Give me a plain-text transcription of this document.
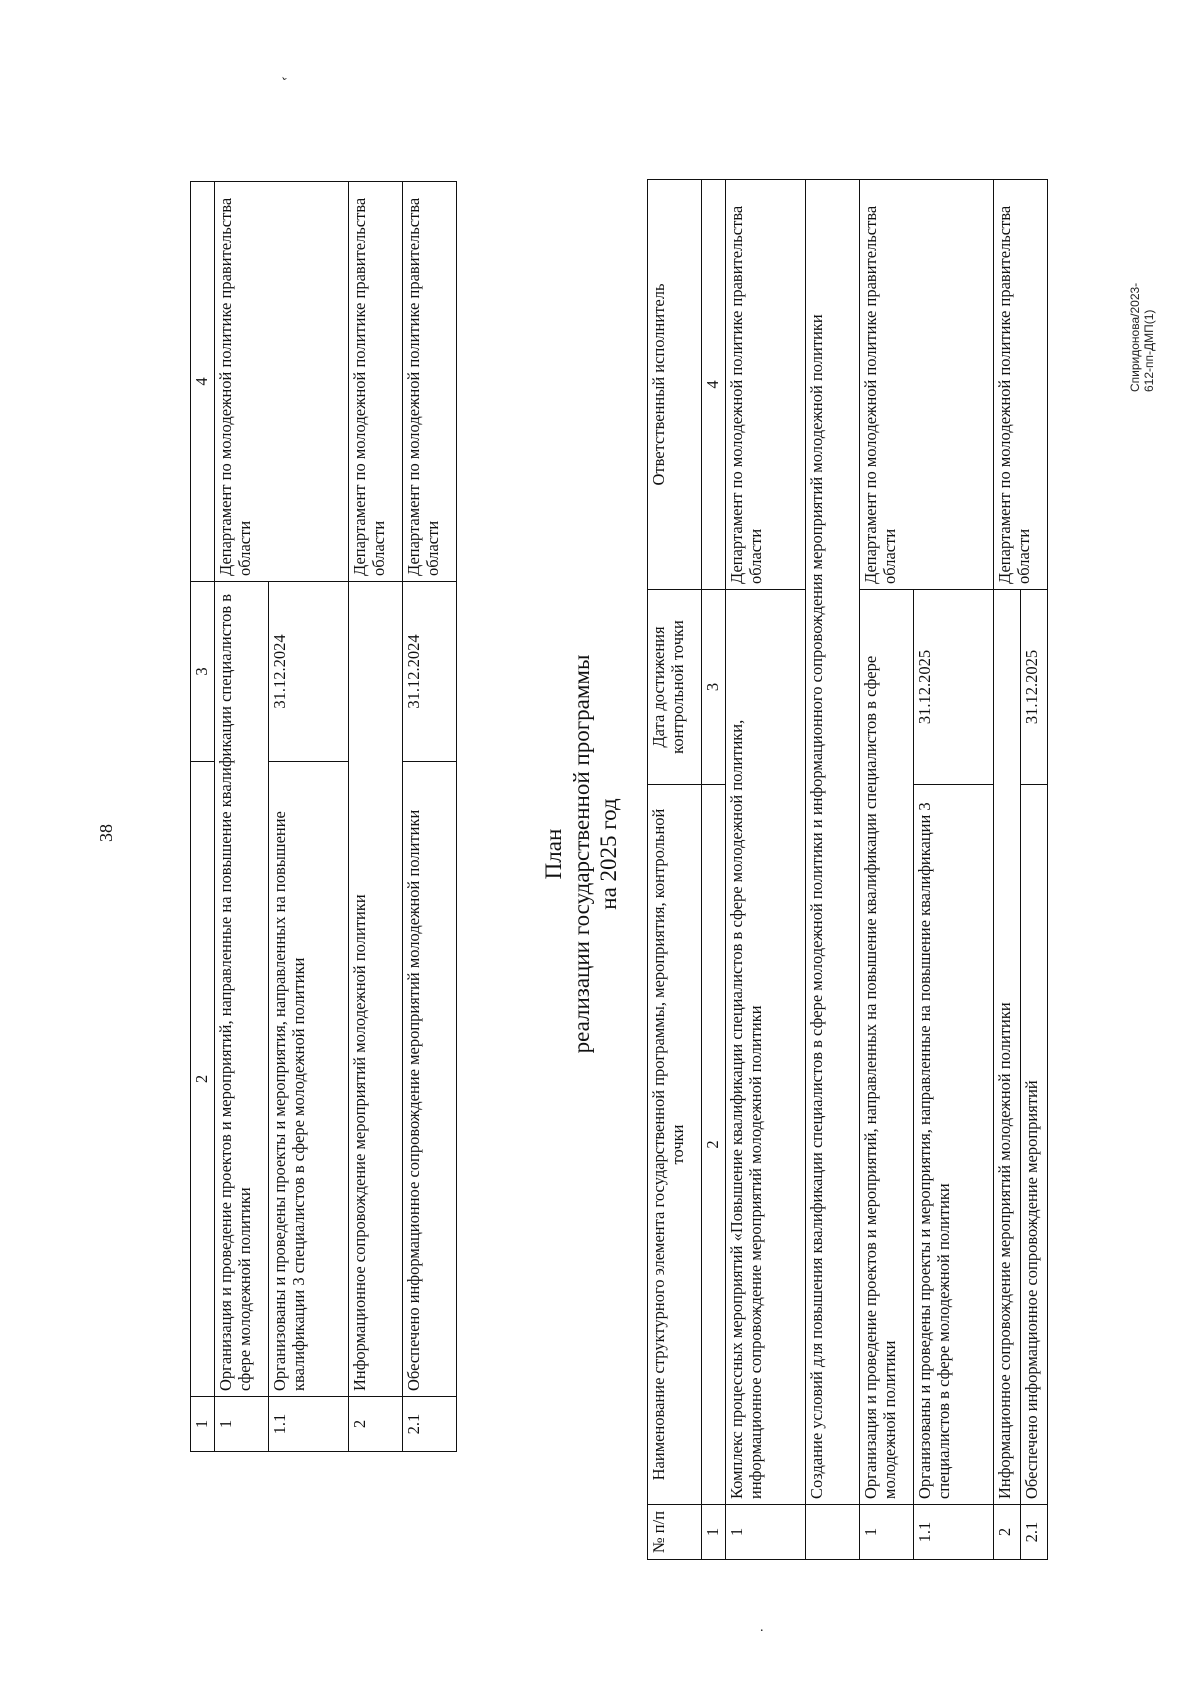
ˇ
38
Спиридонова/2023-612-пп-ДМП(1)
.
1	2	3	4
1	Организация и проведение проектов и мероприятий, направленные на повышение квалификации специалистов в сфере молодежной политики		Департамент по молодежной политике правительства области
1.1	Организованы и проведены проекты и мероприятия, направленных на повышение квалификации 3 специалистов в сфере молодежной политики	31.12.2024	
2	Информационное сопровождение мероприятий молодежной политики		Департамент по молодежной политике правительства области
2.1	Обеспечено информационное сопровождение мероприятий молодежной политики	31.12.2024	Департамент по молодежной политике правительства области
План реализации государственной программы на 2025 год
№ п/п	Наименование структурного элемента государственной программы, мероприятия, контрольной точки	Дата достижения контрольной точки	Ответственный исполнитель
1	2	3	4
1	Комплекс процессных мероприятий «Повышение квалификации специалистов в сфере молодежной политики, информационное сопровождение мероприятий молодежной политики		Департамент по молодежной политике правительства области
	Создание условий для повышения квалификации специалистов в сфере молодежной политики и информационного сопровождения мероприятий молодежной политики		
1	Организация и проведение проектов и мероприятий, направленных на повышение квалификации специалистов в сфере молодежной политики		Департамент по молодежной политике правительства области
1.1	Организованы и проведены проекты и мероприятия, направленные на повышение квалификации 3 специалистов в сфере молодежной политики	31.12.2025	
2	Информационное сопровождение мероприятий молодежной политики		Департамент по молодежной политике правительства области
2.1	Обеспечено информационное сопровождение мероприятий	31.12.2025	
